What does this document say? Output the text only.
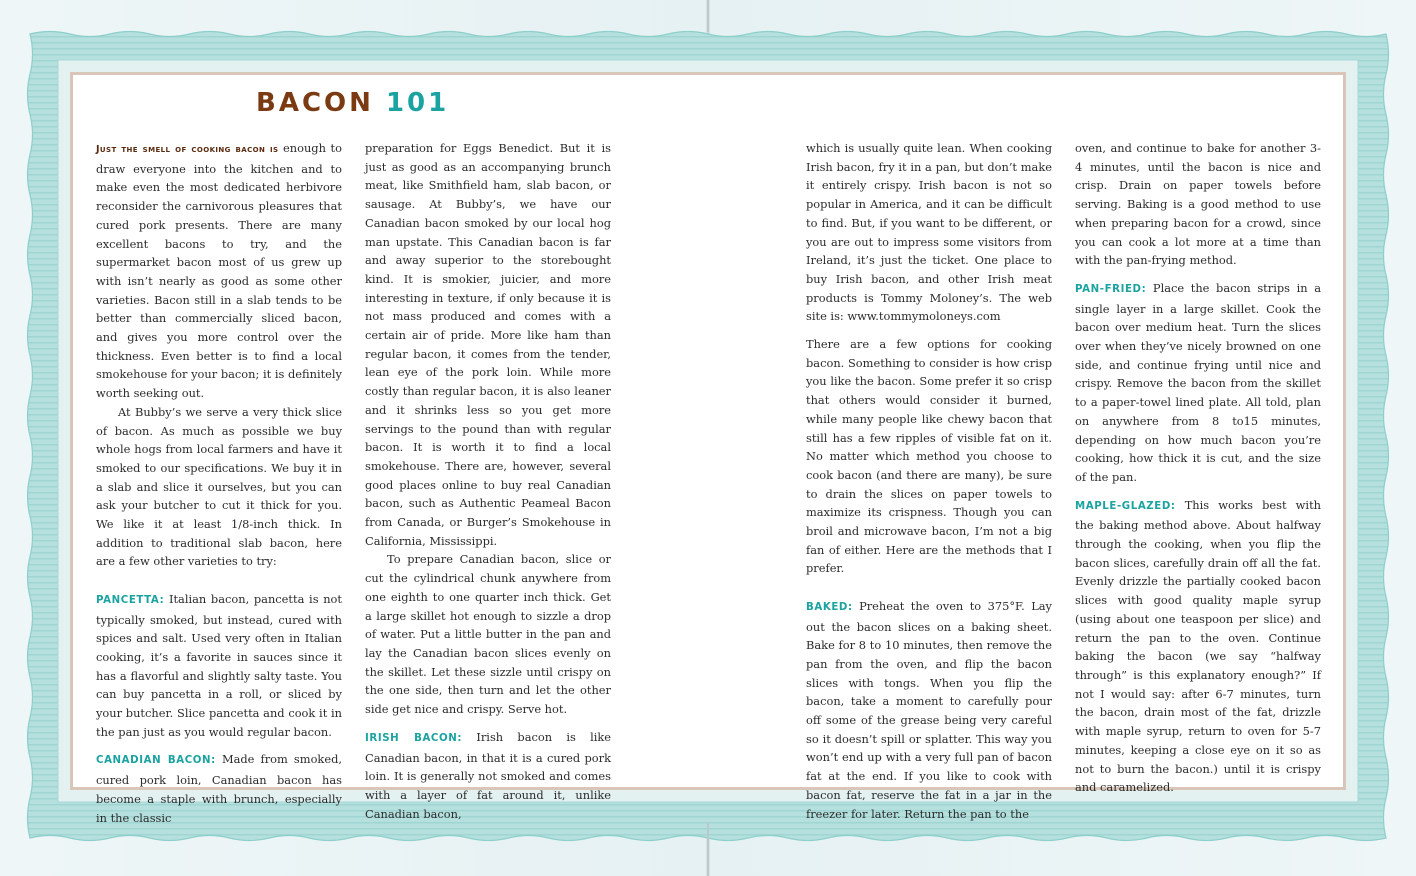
BACON 101

Just the smell of cooking bacon is enough to draw everyone into the kitchen and to make even the most dedicated herbivore reconsider the carnivorous pleasures that cured pork presents. There are many excellent bacons to try, and the supermarket bacon most of us grew up with isn’t nearly as good as some other varieties. Bacon still in a slab tends to be better than commercially sliced bacon, and gives you more control over the thickness. Even better is to find a local smokehouse for your bacon; it is definitely worth seeking out.

At Bubby’s we serve a very thick slice of bacon. As much as possible we buy whole hogs from local farmers and have it smoked to our specifications. We buy it in a slab and slice it ourselves, but you can ask your butcher to cut it thick for you. We like it at least 1/8-inch thick. In addition to traditional slab bacon, here are a few other varieties to try:

PANCETTA: Italian bacon, pancetta is not typically smoked, but instead, cured with spices and salt. Used very often in Italian cooking, it’s a favorite in sauces since it has a flavorful and slightly salty taste. You can buy pancetta in a roll, or sliced by your butcher. Slice pancetta and cook it in the pan just as you would regular bacon.

CANADIAN BACON: Made from smoked, cured pork loin, Canadian bacon has become a staple with brunch, especially in the classic

preparation for Eggs Benedict. But it is just as good as an accompanying brunch meat, like Smithfield ham, slab bacon, or sausage. At Bubby’s, we have our Canadian bacon smoked by our local hog man upstate. This Canadian bacon is far and away superior to the storebought kind. It is smokier, juicier, and more interesting in texture, if only because it is not mass produced and comes with a certain air of pride. More like ham than regular bacon, it comes from the tender, lean eye of the pork loin. While more costly than regular bacon, it is also leaner and it shrinks less so you get more servings to the pound than with regular bacon. It is worth it to find a local smokehouse. There are, however, several good places online to buy real Canadian bacon, such as Authentic Peameal Bacon from Canada, or Burger’s Smokehouse in California, Mississippi.

To prepare Canadian bacon, slice or cut the cylindrical chunk anywhere from one eighth to one quarter inch thick. Get a large skillet hot enough to sizzle a drop of water. Put a little butter in the pan and lay the Canadian bacon slices evenly on the skillet. Let these sizzle until crispy on the one side, then turn and let the other side get nice and crispy. Serve hot.

IRISH BACON: Irish bacon is like Canadian bacon, in that it is a cured pork loin. It is generally not smoked and comes with a layer of fat around it, unlike Canadian bacon,

which is usually quite lean. When cooking Irish bacon, fry it in a pan, but don’t make it entirely crispy. Irish bacon is not so popular in America, and it can be difficult to find. But, if you want to be different, or you are out to impress some visitors from Ireland, it’s just the ticket. One place to buy Irish bacon, and other Irish meat products is Tommy Moloney’s. The web site is: www.tommymoloneys.com

There are a few options for cooking bacon. Something to consider is how crisp you like the bacon. Some prefer it so crisp that others would consider it burned, while many people like chewy bacon that still has a few ripples of visible fat on it. No matter which method you choose to cook bacon (and there are many), be sure to drain the slices on paper towels to maximize its crispness. Though you can broil and microwave bacon, I’m not a big fan of either. Here are the methods that I prefer.

BAKED: Preheat the oven to 375°F. Lay out the bacon slices on a baking sheet. Bake for 8 to 10 minutes, then remove the pan from the oven, and flip the bacon slices with tongs. When you flip the bacon, take a moment to carefully pour off some of the grease being very careful so it doesn’t spill or splatter. This way you won’t end up with a very full pan of bacon fat at the end. If you like to cook with bacon fat, reserve the fat in a jar in the freezer for later. Return the pan to the

oven, and continue to bake for another 3-4 minutes, until the bacon is nice and crisp. Drain on paper towels before serving. Baking is a good method to use when preparing bacon for a crowd, since you can cook a lot more at a time than with the pan-frying method.

PAN-FRIED: Place the bacon strips in a single layer in a large skillet. Cook the bacon over medium heat. Turn the slices over when they’ve nicely browned on one side, and continue frying until nice and crispy. Remove the bacon from the skillet to a paper-towel lined plate. All told, plan on anywhere from 8 to15 minutes, depending on how much bacon you’re cooking, how thick it is cut, and the size of the pan.

MAPLE-GLAZED: This works best with the baking method above. About halfway through the cooking, when you flip the bacon slices, carefully drain off all the fat. Evenly drizzle the partially cooked bacon slices with good quality maple syrup (using about one teaspoon per slice) and return the pan to the oven. Continue baking the bacon (we say “halfway through” is this explanatory enough?” If not I would say: after 6-7 minutes, turn the bacon, drain most of the fat, drizzle with maple syrup, return to oven for 5-7 minutes, keeping a close eye on it so as not to burn the bacon.) until it is crispy and caramelized.
